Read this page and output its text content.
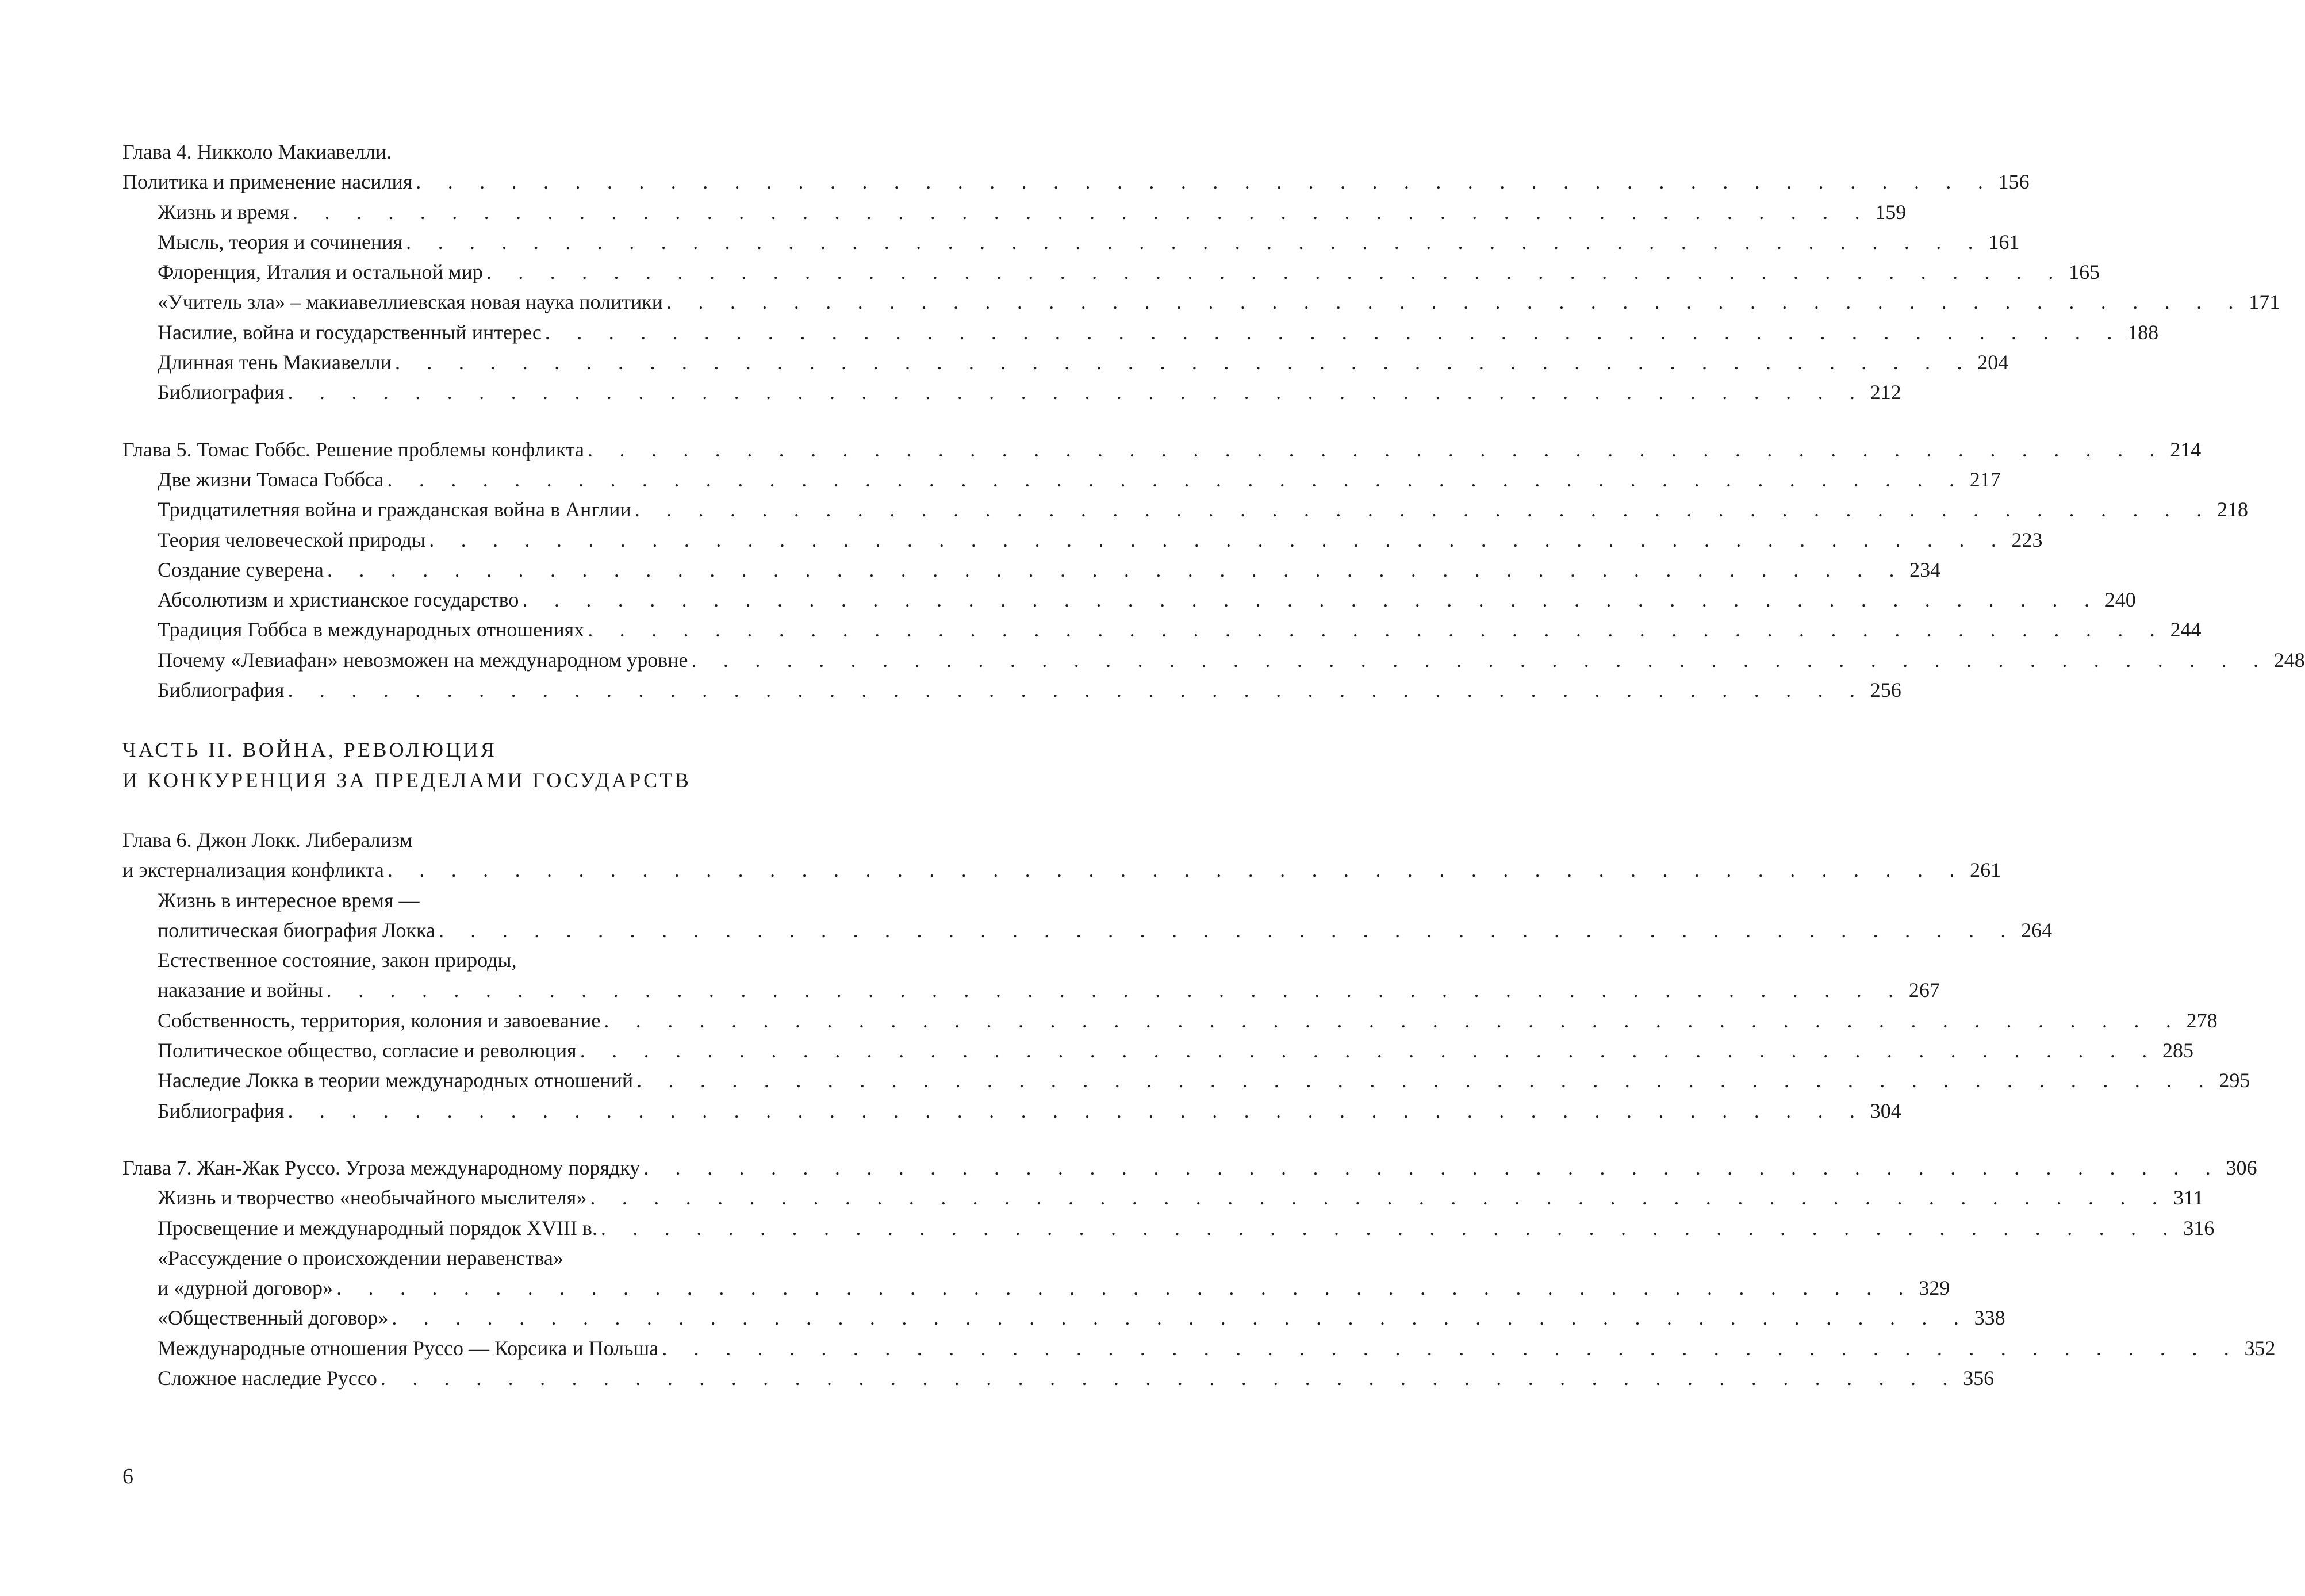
Глава 4. Никколо Макиавелли.
Политика и применение насилия . . . . . . . . . . . . . . . . . . . . . . . . . . . . . . . . . . . . . . . . . . . . . . . . . . 156
Жизнь и время . . . . . . . . . . . . . . . . . . . . . . . . . . . . . . . . . . . . . . . . . . . . . . . . . . 159
Мысль, теория и сочинения . . . . . . . . . . . . . . . . . . . . . . . . . . . . . . . . . . . . . . . . . . . . . . . . . . 161
Флоренция, Италия и остальной мир . . . . . . . . . . . . . . . . . . . . . . . . . . . . . . . . . . . . . . . . . . . . . . . . . . 165
«Учитель зла» – макиавеллиевская новая наука политики . . . . . . . . . . . . . . . . . . . . . . . . . . . . . . . . . . . . . . . . . . . . . . . . . . 171
Насилие, война и государственный интерес . . . . . . . . . . . . . . . . . . . . . . . . . . . . . . . . . . . . . . . . . . . . . . . . . . 188
Длинная тень Макиавелли . . . . . . . . . . . . . . . . . . . . . . . . . . . . . . . . . . . . . . . . . . . . . . . . . . 204
Библиография . . . . . . . . . . . . . . . . . . . . . . . . . . . . . . . . . . . . . . . . . . . . . . . . . . 212
Глава 5. Томас Гоббс. Решение проблемы конфликта . . . . . . . . . . . . . . . . . . . . . . . . . . . . . . . . . . . . . . . . . . . . . . . . . . 214
Две жизни Томаса Гоббса . . . . . . . . . . . . . . . . . . . . . . . . . . . . . . . . . . . . . . . . . . . . . . . . . . 217
Тридцатилетняя война и гражданская война в Англии . . . . . . . . . . . . . . . . . . . . . . . . . . . . . . . . . . . . . . . . . . . . . . . . . . 218
Теория человеческой природы . . . . . . . . . . . . . . . . . . . . . . . . . . . . . . . . . . . . . . . . . . . . . . . . . . 223
Создание суверена . . . . . . . . . . . . . . . . . . . . . . . . . . . . . . . . . . . . . . . . . . . . . . . . . . 234
Абсолютизм и христианское государство . . . . . . . . . . . . . . . . . . . . . . . . . . . . . . . . . . . . . . . . . . . . . . . . . . 240
Традиция Гоббса в международных отношениях . . . . . . . . . . . . . . . . . . . . . . . . . . . . . . . . . . . . . . . . . . . . . . . . . . 244
Почему «Левиафан» невозможен на международном уровне . . . . . . . . . . . . . . . . . . . . . . . . . . . . . . . . . . . . . . . . . . . . . . . . . . 248
Библиография . . . . . . . . . . . . . . . . . . . . . . . . . . . . . . . . . . . . . . . . . . . . . . . . . . 256
ЧАСТЬ II. ВОЙНА, РЕВОЛЮЦИЯ
И КОНКУРЕНЦИЯ ЗА ПРЕДЕЛАМИ ГОСУДАРСТВ
Глава 6. Джон Локк. Либерализм
и экстернализация конфликта . . . . . . . . . . . . . . . . . . . . . . . . . . . . . . . . . . . . . . . . . . . . . . . . . . 261
Жизнь в интересное время —
политическая биография Локка . . . . . . . . . . . . . . . . . . . . . . . . . . . . . . . . . . . . . . . . . . . . . . . . . . 264
Естественное состояние, закон природы,
наказание и войны . . . . . . . . . . . . . . . . . . . . . . . . . . . . . . . . . . . . . . . . . . . . . . . . . . 267
Собственность, территория, колония и завоевание . . . . . . . . . . . . . . . . . . . . . . . . . . . . . . . . . . . . . . . . . . . . . . . . . . 278
Политическое общество, согласие и революция . . . . . . . . . . . . . . . . . . . . . . . . . . . . . . . . . . . . . . . . . . . . . . . . . . 285
Наследие Локка в теории международных отношений . . . . . . . . . . . . . . . . . . . . . . . . . . . . . . . . . . . . . . . . . . . . . . . . . . 295
Библиография . . . . . . . . . . . . . . . . . . . . . . . . . . . . . . . . . . . . . . . . . . . . . . . . . . 304
Глава 7. Жан-Жак Руссо. Угроза международному порядку . . . . . . . . . . . . . . . . . . . . . . . . . . . . . . . . . . . . . . . . . . . . . . . . . . 306
Жизнь и творчество «необычайного мыслителя» . . . . . . . . . . . . . . . . . . . . . . . . . . . . . . . . . . . . . . . . . . . . . . . . . . 311
Просвещение и международный порядок XVIII в. . . . . . . . . . . . . . . . . . . . . . . . . . . . . . . . . . . . . . . . . . . . . . . . . . . 316
«Рассуждение о происхождении неравенства»
и «дурной договор» . . . . . . . . . . . . . . . . . . . . . . . . . . . . . . . . . . . . . . . . . . . . . . . . . . 329
«Общественный договор» . . . . . . . . . . . . . . . . . . . . . . . . . . . . . . . . . . . . . . . . . . . . . . . . . . 338
Международные отношения Руссо — Корсика и Польша . . . . . . . . . . . . . . . . . . . . . . . . . . . . . . . . . . . . . . . . . . . . . . . . . . 352
Сложное наследие Руссо . . . . . . . . . . . . . . . . . . . . . . . . . . . . . . . . . . . . . . . . . . . . . . . . . . 356
6
